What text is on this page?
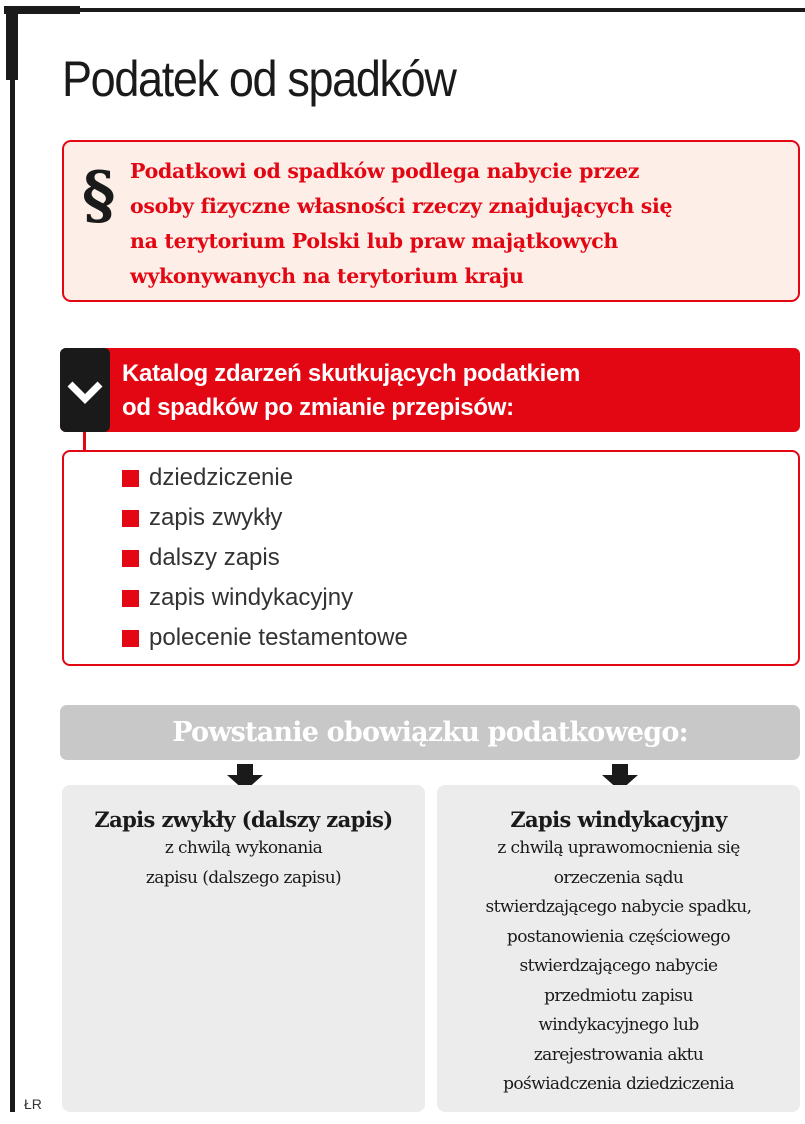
Podatek od spadków
§ Podatkowi od spadków podlega nabycie przez
osoby fizyczne własności rzeczy znajdujących się
na terytorium Polski lub praw majątkowych
wykonywanych na terytorium kraju
Katalog zdarzeń skutkujących podatkiem
od spadków po zmianie przepisów:
dziedziczenie
zapis zwykły
dalszy zapis
zapis windykacyjny
polecenie testamentowe
Powstanie obowiązku podatkowego:
Zapis zwykły (dalszy zapis)

z chwilą wykonania

zapisu (dalszego zapisu)

Zapis windykacyjny

z chwilą uprawomocnienia się

orzeczenia sądu

stwierdzającego nabycie spadku,

postanowienia częściowego

stwierdzającego nabycie

przedmiotu zapisu

windykacyjnego lub

zarejestrowania aktu

poświadczenia dziedziczenia

ŁR
